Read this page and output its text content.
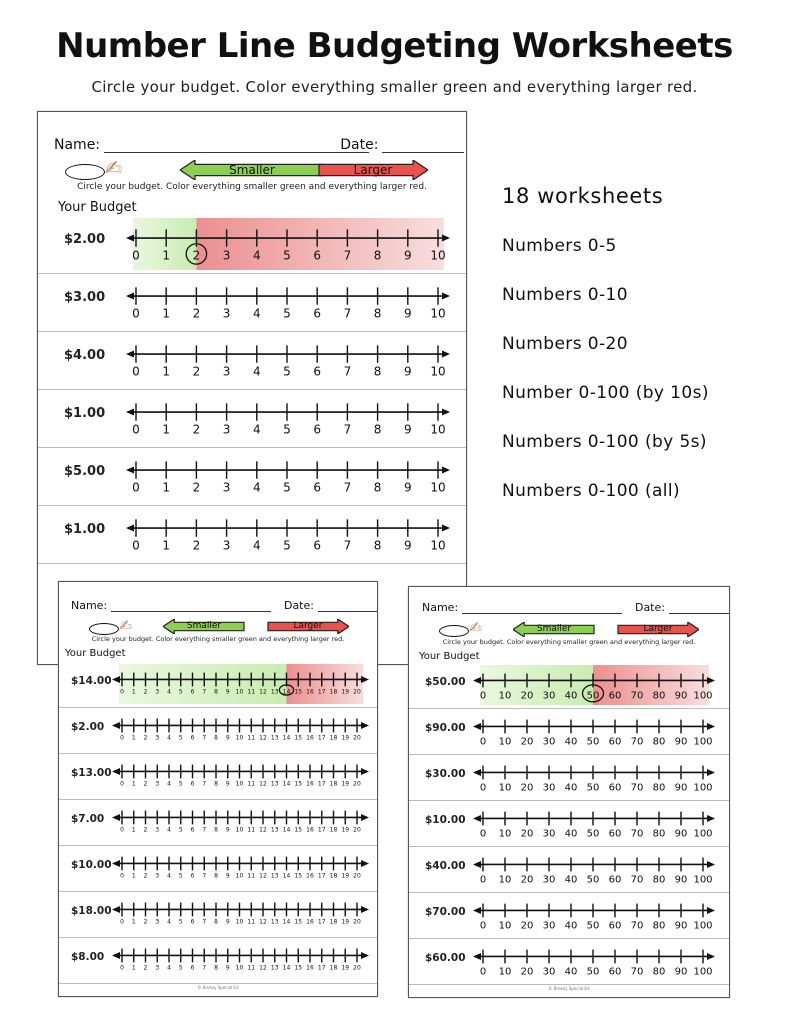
Number Line Budgeting Worksheets
Circle your budget. Color everything smaller green and everything larger red.
18 worksheets
Numbers 0-5
Numbers 0-10
Numbers 0-20
Number 0-100 (by 10s)
Numbers 0-100 (by 5s)
Numbers 0-100 (all)
Name:	Date:
✍	Smaller	Larger
Circle your budget. Color everything smaller green and everything larger red.
Your Budget
$2.00
0 1 2 3 4 5 6 7 8 9 10
$3.00
0 1 2 3 4 5 6 7 8 9 10
$4.00
0 1 2 3 4 5 6 7 8 9 10
$1.00
0 1 2 3 4 5 6 7 8 9 10
$5.00
0 1 2 3 4 5 6 7 8 9 10
$1.00
0 1 2 3 4 5 6 7 8 9 10
Name:	Date:
✍	Smaller	Larger
Circle your budget. Color everything smaller green and everything larger red.
Your Budget
$50.00
0 10 20 30 40 50 60 70 80 90 100
$90.00
0 10 20 30 40 50 60 70 80 90 100
$30.00
0 10 20 30 40 50 60 70 80 90 100
$10.00
0 10 20 30 40 50 60 70 80 90 100
$40.00
0 10 20 30 40 50 60 70 80 90 100
$70.00
0 10 20 30 40 50 60 70 80 90 100
$60.00
0 10 20 30 40 50 60 70 80 90 100
© Breezy Special Ed
Name:	Date:
✍	Smaller	Larger
Circle your budget. Color everything smaller green and everything larger red.
Your Budget
$14.00
0 1 2 3 4 5 6 7 8 9 10 11 12 13 14 15 16 17 18 19 20
$2.00
0 1 2 3 4 5 6 7 8 9 10 11 12 13 14 15 16 17 18 19 20
$13.00
0 1 2 3 4 5 6 7 8 9 10 11 12 13 14 15 16 17 18 19 20
$7.00
0 1 2 3 4 5 6 7 8 9 10 11 12 13 14 15 16 17 18 19 20
$10.00
0 1 2 3 4 5 6 7 8 9 10 11 12 13 14 15 16 17 18 19 20
$18.00
0 1 2 3 4 5 6 7 8 9 10 11 12 13 14 15 16 17 18 19 20
$8.00
0 1 2 3 4 5 6 7 8 9 10 11 12 13 14 15 16 17 18 19 20
© Breezy Special Ed
